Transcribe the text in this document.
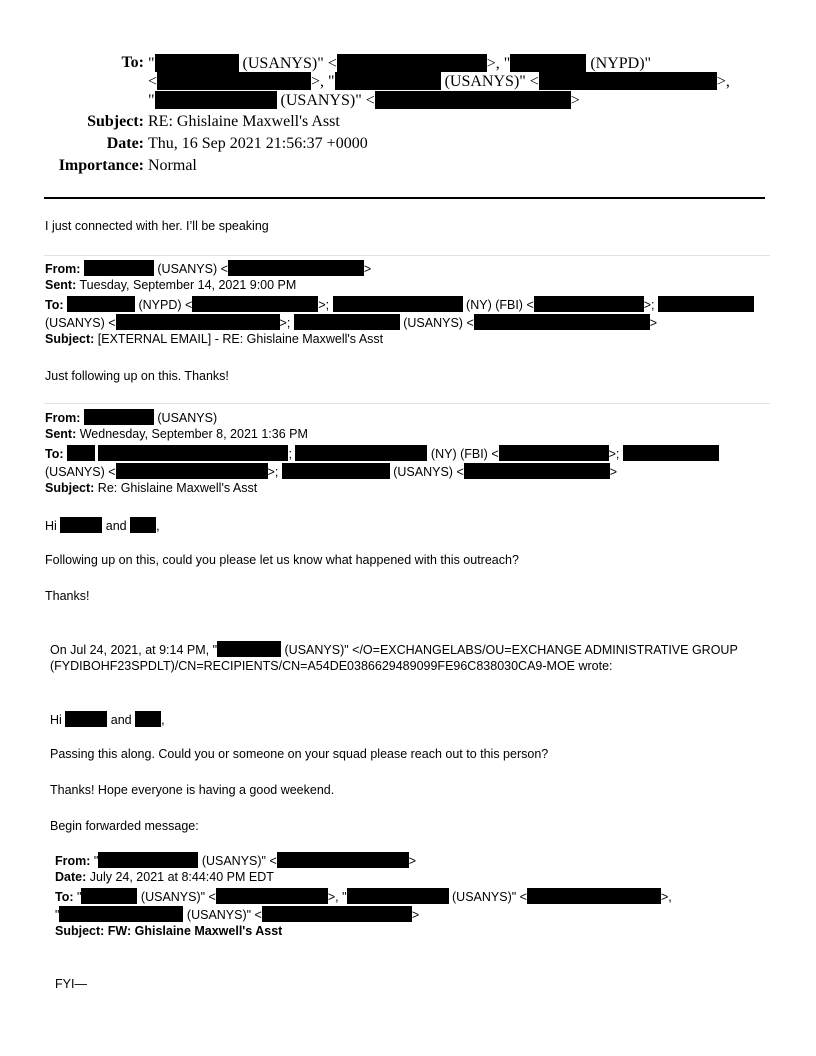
To: "	(USANYS)" <	>, "	(NYPD)"
<	>, "	(USANYS)" <	>,
"	(USANYS)" <	>
Subject: RE: Ghislaine Maxwell's Asst
Date: Thu, 16 Sep 2021 21:56:37 +0000
Importance: Normal
I just connected with her. I’ll be speaking
From:	(USANYS) <	>
Sent: Tuesday, September 14, 2021 9:00 PM
To:	(NYPD) <	>;	(NY) (FBI) <	>;
(USANYS) <	>;	(USANYS) <	>
Subject: [EXTERNAL EMAIL] - RE: Ghislaine Maxwell's Asst
Just following up on this. Thanks!
From:	(USANYS)
Sent: Wednesday, September 8, 2021 1:36 PM
To:	;	(NY) (FBI) <	>;
(USANYS) <	>;	(USANYS) <	>
Subject: Re: Ghislaine Maxwell's Asst
Hi	and ,
Following up on this, could you please let us know what happened with this outreach?
Thanks!
On Jul 24, 2021, at 9:14 PM, "	(USANYS)" </O=EXCHANGELABS/OU=EXCHANGE ADMINISTRATIVE GROUP
(FYDIBOHF23SPDLT)/CN=RECIPIENTS/CN=A54DE0386629489099FE96C838030CA9-MOE wrote:
Hi	and ,
Passing this along. Could you or someone on your squad please reach out to this person?
Thanks! Hope everyone is having a good weekend.
Begin forwarded message:
From: "	(USANYS)" <	>
Date: July 24, 2021 at 8:44:40 PM EDT
To: "	(USANYS)" <	>, "	(USANYS)" <	>,
"	(USANYS)" <	>
Subject: FW: Ghislaine Maxwell's Asst
FYI—
